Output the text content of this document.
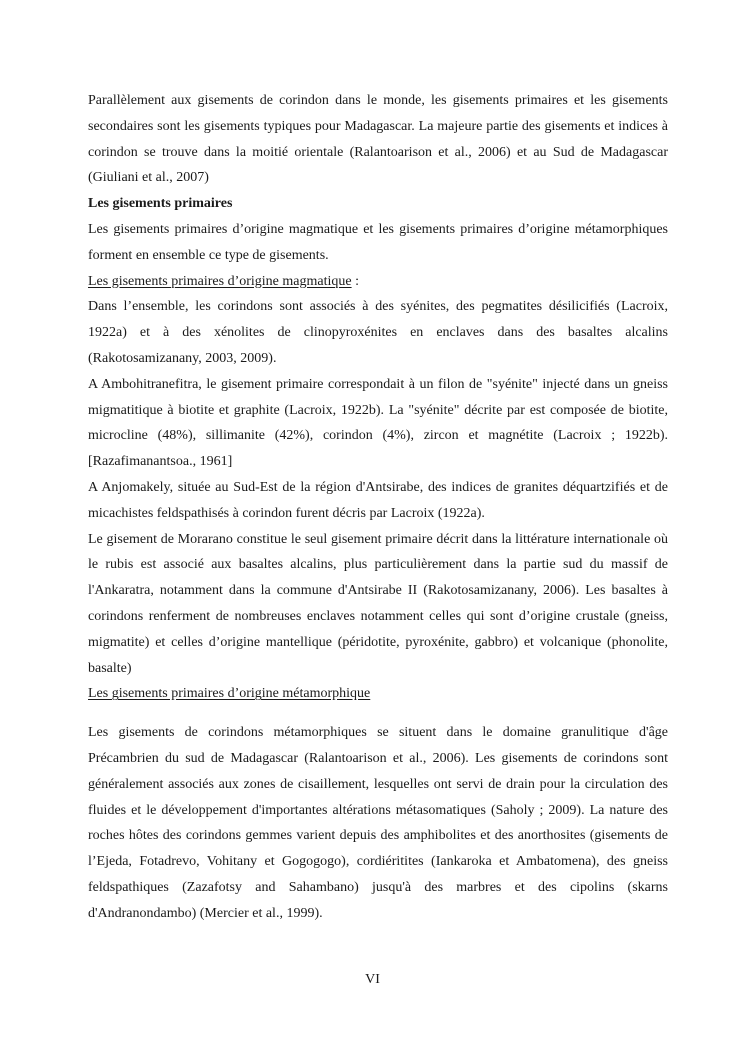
Parallèlement aux gisements de corindon dans le monde, les gisements primaires et les gisements secondaires sont les gisements typiques pour Madagascar. La majeure partie des gisements et indices à corindon se trouve dans la moitié orientale (Ralantoarison et al., 2006) et au Sud de Madagascar (Giuliani et al., 2007)

Les gisements primaires

Les gisements primaires d’origine magmatique et les gisements primaires d’origine métamorphiques forment en ensemble ce type de gisements.

Les gisements primaires d’origine magmatique :

Dans l’ensemble, les corindons sont associés à des syénites, des pegmatites désilicifiés (Lacroix, 1922a) et à des xénolites de clinopyroxénites en enclaves dans des basaltes alcalins (Rakotosamizanany, 2003, 2009).

A Ambohitranefitra, le gisement primaire correspondait à un filon de "syénite" injecté dans un gneiss migmatitique à biotite et graphite (Lacroix, 1922b). La "syénite" décrite par est composée de biotite, microcline (48%), sillimanite (42%), corindon (4%), zircon et magnétite (Lacroix ; 1922b). [Razafimanantsoa., 1961]

A Anjomakely, située au Sud-Est de la région d'Antsirabe, des indices de granites déquartzifiés et de micachistes feldspathisés à corindon furent décris par Lacroix (1922a).

Le gisement de Morarano constitue le seul gisement primaire décrit dans la littérature internationale où le rubis est associé aux basaltes alcalins, plus particulièrement dans la partie sud du massif de l'Ankaratra, notamment dans la commune d'Antsirabe II (Rakotosamizanany, 2006). Les basaltes à corindons renferment de nombreuses enclaves notamment celles qui sont d’origine crustale (gneiss, migmatite) et celles d’origine mantellique (péridotite, pyroxénite, gabbro) et volcanique (phonolite, basalte)

Les gisements primaires d’origine métamorphique

Les gisements de corindons métamorphiques se situent dans le domaine granulitique d'âge Précambrien du sud de Madagascar (Ralantoarison et al., 2006). Les gisements de corindons sont généralement associés aux zones de cisaillement, lesquelles ont servi de drain pour la circulation des fluides et le développement d'importantes altérations métasomatiques (Saholy ; 2009). La nature des roches hôtes des corindons gemmes varient depuis des amphibolites et des anorthosites (gisements de l’Ejeda, Fotadrevo, Vohitany et Gogogogo), cordiéritites (Iankaroka et Ambatomena), des gneiss feldspathiques (Zazafotsy and Sahambano) jusqu'à des marbres et des cipolins (skarns d'Andranondambo) (Mercier et al., 1999).

VI
